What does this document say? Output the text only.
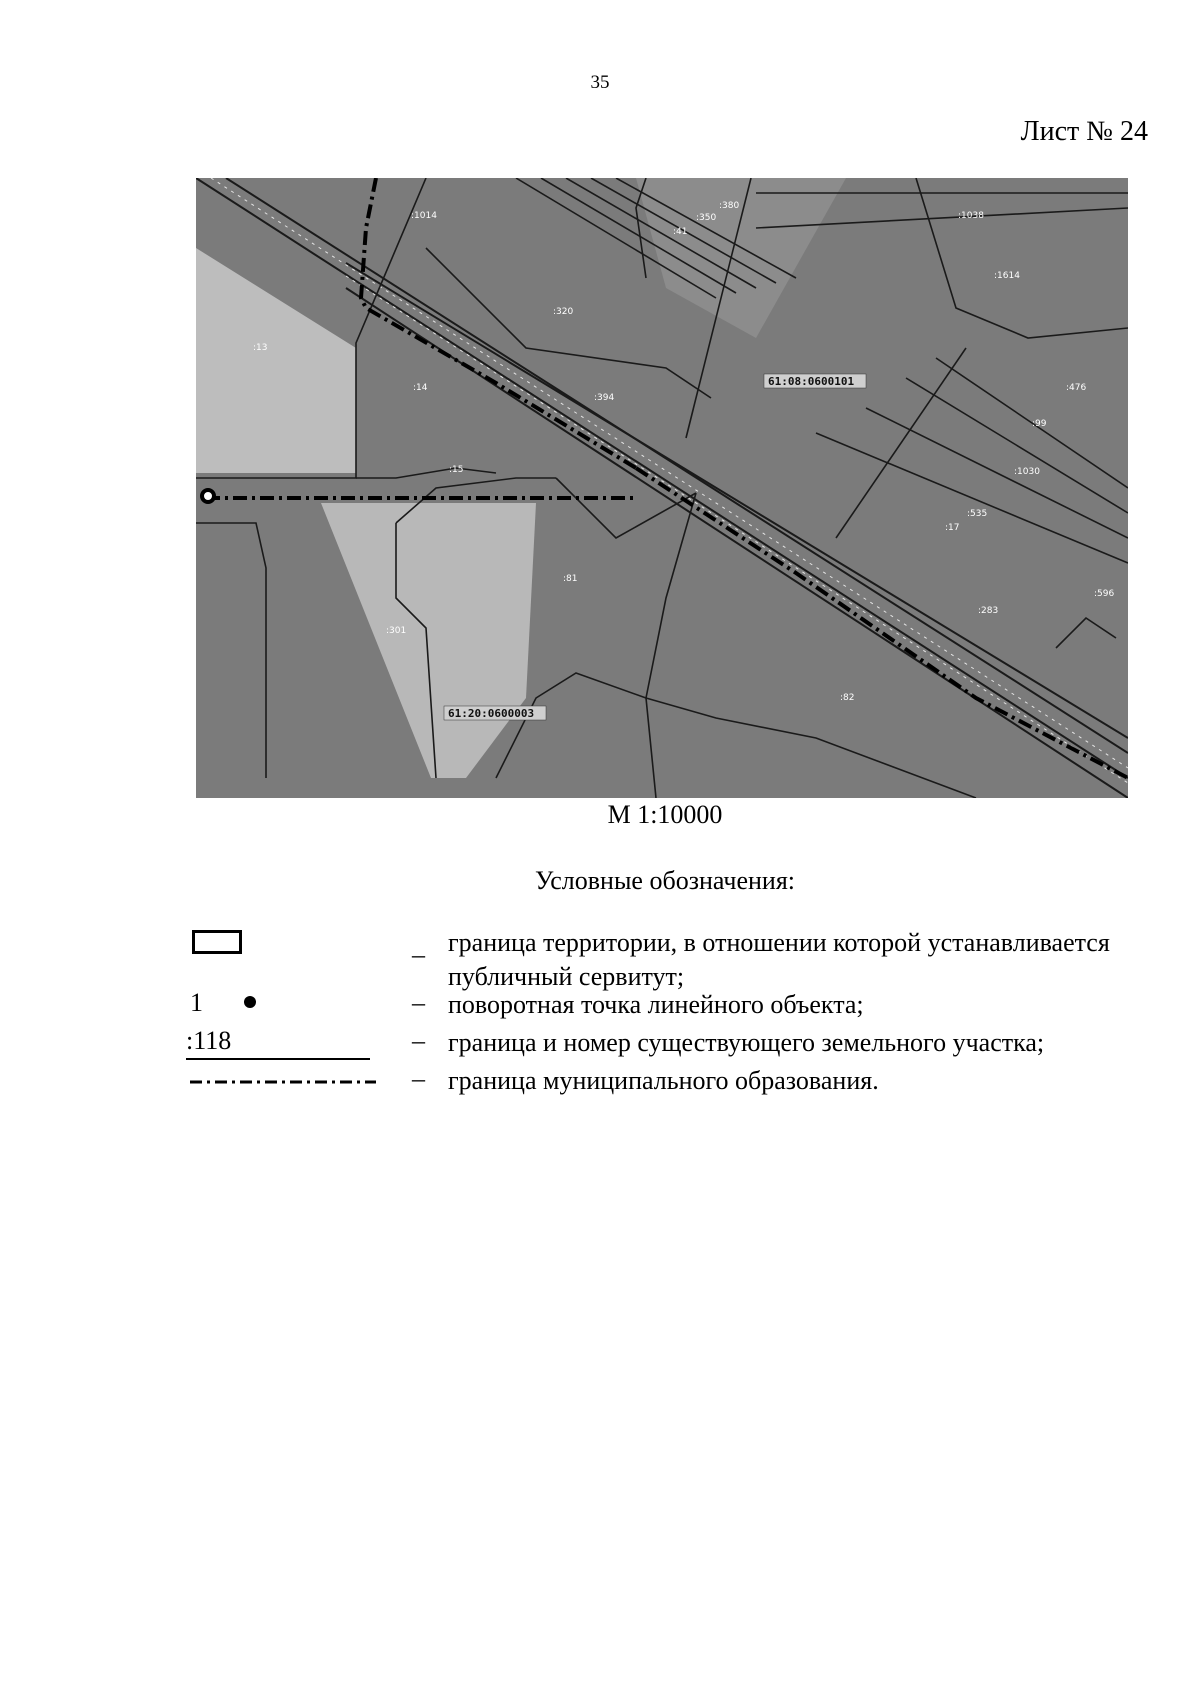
35
Лист № 24
61:08:0600101
61:20:0600003
:1014
:380
:350
:41
:1038
:1614
:13
:320
:14
:394
:476
:99
:1030
:15
:535
:17
:81
:301
:283
:596
:82
М 1:10000
Условные обозначения:
– граница территории, в отношении которой устанавливается публичный сервитут;
1	– поворотная точка линейного объекта;
:118	– граница и номер существующего земельного участка;
– граница муниципального образования.
